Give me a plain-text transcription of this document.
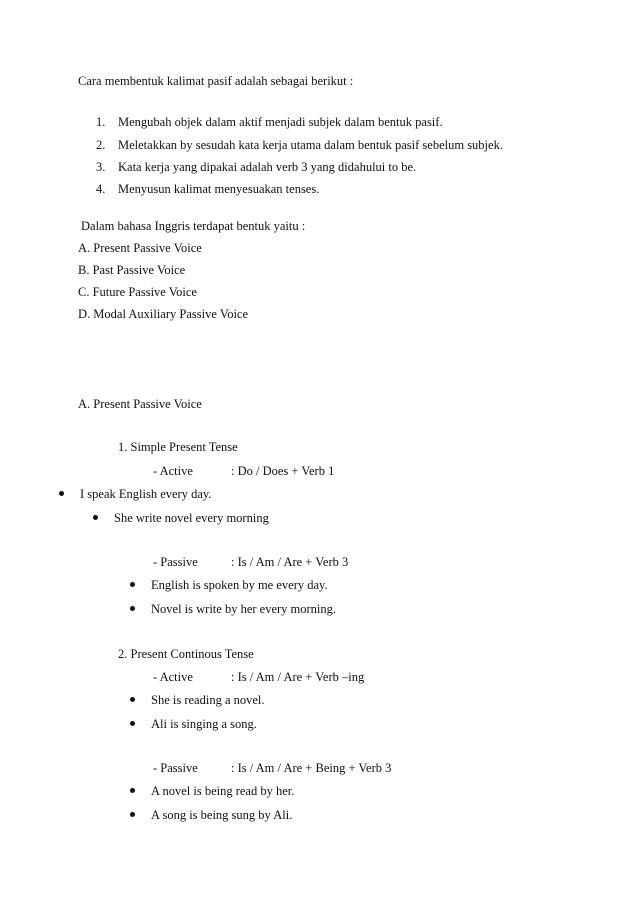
Cara membentuk kalimat pasif adalah sebagai berikut :
1. Mengubah objek dalam aktif menjadi subjek dalam bentuk pasif.
2. Meletakkan by sesudah kata kerja utama dalam bentuk pasif sebelum subjek.
3. Kata kerja yang dipakai adalah verb 3 yang didahului to be.
4. Menyusun kalimat menyesuakan tenses.
Dalam bahasa Inggris terdapat bentuk yaitu :
A. Present Passive Voice
B. Past Passive Voice
C. Future Passive Voice
D. Modal Auxiliary Passive Voice
A. Present Passive Voice
1. Simple Present Tense
- Active	: Do / Does + Verb 1
I speak English every day.
She write novel every morning
- Passive	: Is / Am / Are + Verb 3
English is spoken by me every day.
Novel is write by her every morning.
2. Present Continous Tense
- Active	: Is / Am / Are + Verb –ing
She is reading a novel.
Ali is singing a song.
- Passive	: Is / Am / Are + Being + Verb 3
A novel is being read by her.
A song is being sung by Ali.
